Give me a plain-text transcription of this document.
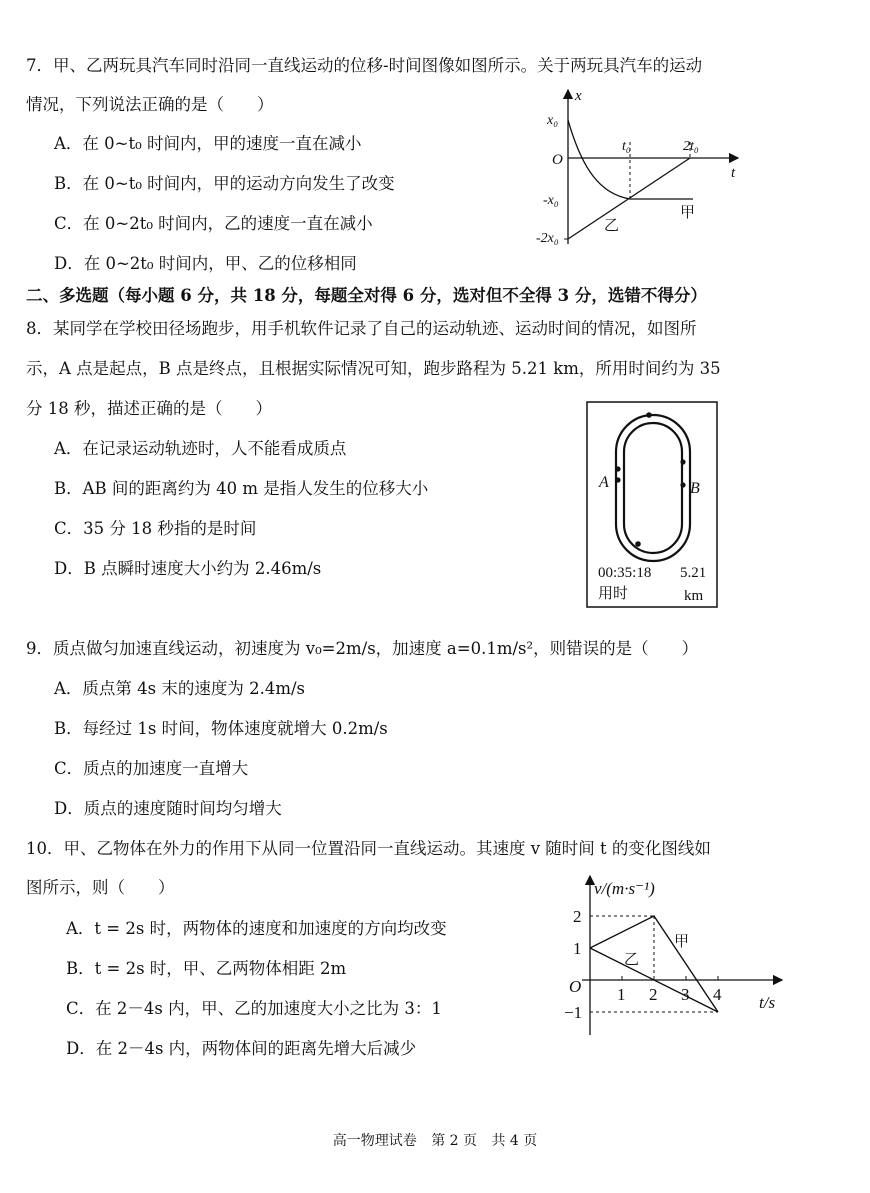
7．甲、乙两玩具汽车同时沿同一直线运动的位移-时间图像如图所示。关于两玩具汽车的运动
情况，下列说法正确的是（　　）
A．在 0~t₀ 时间内，甲的速度一直在减小
B．在 0~t₀ 时间内，甲的运动方向发生了改变
C．在 0~2t₀ 时间内，乙的速度一直在减小
D．在 0~2t₀ 时间内，甲、乙的位移相同
t
x
O
t₀	2t₀
x₀
-x₀
-2x₀
甲
乙
二、多选题（每小题 6 分，共 18 分，每题全对得 6 分，选对但不全得 3 分，选错不得分）
8．某同学在学校田径场跑步，用手机软件记录了自己的运动轨迹、运动时间的情况，如图所
示，A 点是起点，B 点是终点，且根据实际情况可知，跑步路程为 5.21 km，所用时间约为 35
分 18 秒，描述正确的是（　　）
A．在记录运动轨迹时，人不能看成质点
B．AB 间的距离约为 40 m 是指人发生的位移大小
C．35 分 18 秒指的是时间
D．B 点瞬时速度大小约为 2.46m/s
A	B
00:35:18 5.21
用时	km
9．质点做匀加速直线运动，初速度为 v₀=2m/s，加速度 a=0.1m/s²，则错误的是（　　）
A．质点第 4s 末的速度为 2.4m/s
B．每经过 1s 时间，物体速度就增大 0.2m/s
C．质点的加速度一直增大
D．质点的速度随时间均匀增大
10．甲、乙物体在外力的作用下从同一位置沿同一直线运动。其速度 v 随时间 t 的变化图线如
图所示，则（　　）
A．t = 2s 时，两物体的速度和加速度的方向均改变
B．t = 2s 时，甲、乙两物体相距 2m
C．在 2－4s 内，甲、乙的加速度大小之比为 3：1
D．在 2－4s 内，两物体间的距离先增大后减少
v/(m·s⁻¹)
t/s
O 1 2 3 4
2
1
−1
甲
乙
高一物理试卷 第 2 页 共 4 页
